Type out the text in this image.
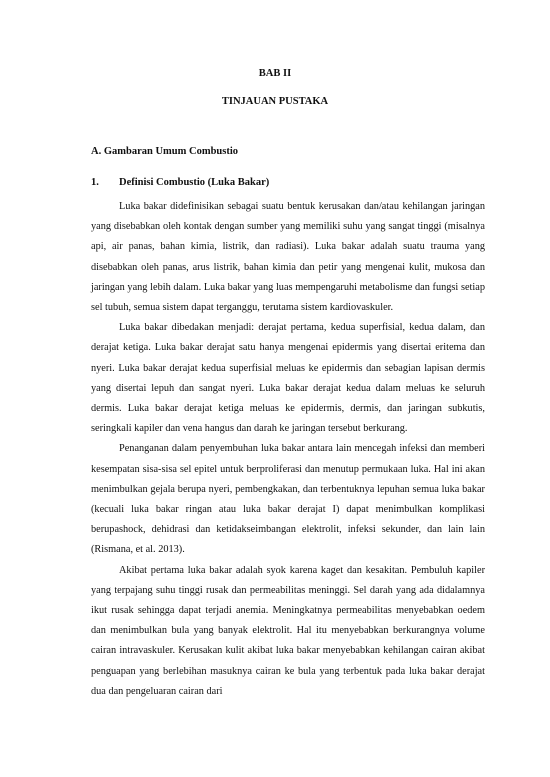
BAB II
TINJAUAN PUSTAKA
A. Gambaran Umum Combustio
1. Definisi Combustio (Luka Bakar)

Luka bakar didefinisikan sebagai suatu bentuk kerusakan dan/atau kehilangan jaringan yang disebabkan oleh kontak dengan sumber yang memiliki suhu yang sangat tinggi (misalnya api, air panas, bahan kimia, listrik, dan radiasi). Luka bakar adalah suatu trauma yang disebabkan oleh panas, arus listrik, bahan kimia dan petir yang mengenai kulit, mukosa dan jaringan yang lebih dalam. Luka bakar yang luas mempengaruhi metabolisme dan fungsi setiap sel tubuh, semua sistem dapat terganggu, terutama sistem kardiovaskuler.

Luka bakar dibedakan menjadi: derajat pertama, kedua superfisial, kedua dalam, dan derajat ketiga. Luka bakar derajat satu hanya mengenai epidermis yang disertai eritema dan nyeri. Luka bakar derajat kedua superfisial meluas ke epidermis dan sebagian lapisan dermis yang disertai lepuh dan sangat nyeri. Luka bakar derajat kedua dalam meluas ke seluruh dermis. Luka bakar derajat ketiga meluas ke epidermis, dermis, dan jaringan subkutis, seringkali kapiler dan vena hangus dan darah ke jaringan tersebut berkurang.

Penanganan dalam penyembuhan luka bakar antara lain mencegah infeksi dan memberi kesempatan sisa-sisa sel epitel untuk berproliferasi dan menutup permukaan luka. Hal ini akan menimbulkan gejala berupa nyeri, pembengkakan, dan terbentuknya lepuhan semua luka bakar (kecuali luka bakar ringan atau luka bakar derajat I) dapat menimbulkan komplikasi berupashock, dehidrasi dan ketidakseimbangan elektrolit, infeksi sekunder, dan lain lain (Rismana, et al. 2013).

Akibat pertama luka bakar adalah syok karena kaget dan kesakitan. Pembuluh kapiler yang terpajang suhu tinggi rusak dan permeabilitas meninggi. Sel darah yang ada didalamnya ikut rusak sehingga dapat terjadi anemia. Meningkatnya permeabilitas menyebabkan oedem dan menimbulkan bula yang banyak elektrolit. Hal itu menyebabkan berkurangnya volume cairan intravaskuler. Kerusakan kulit akibat luka bakar menyebabkan kehilangan cairan akibat penguapan yang berlebihan masuknya cairan ke bula yang terbentuk pada luka bakar derajat dua dan pengeluaran cairan dari
